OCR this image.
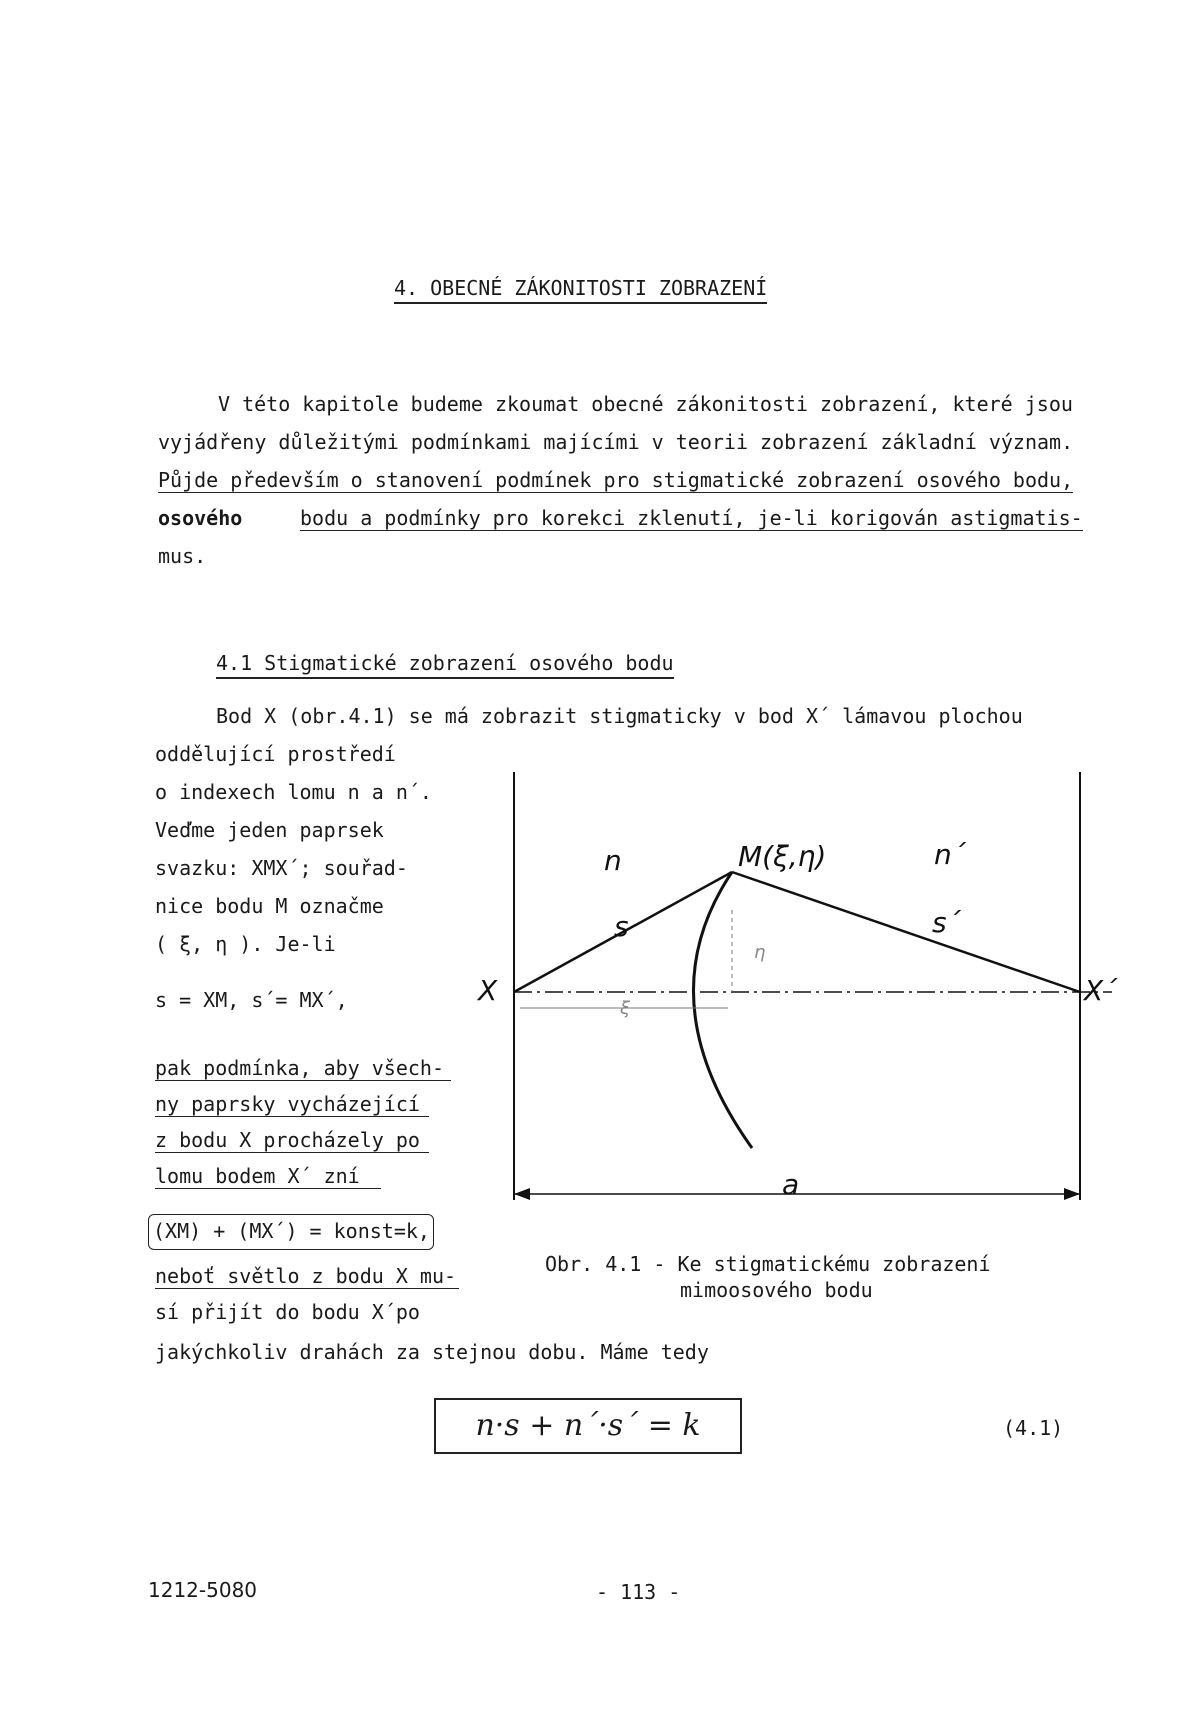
4. OBECNÉ ZÁKONITOSTI ZOBRAZENÍ
V této kapitole budeme zkoumat obecné zákonitosti zobrazení, které jsou
vyjádřeny důležitými podmínkami majícími v teorii zobrazení základní význam.
Půjde především o stanovení podmínek pro stigmatické zobrazení osového bodu,
osového	bodu a podmínky pro korekci zklenutí, je-li korigován astigmatis-
mus.
4.1 Stigmatické zobrazení osového bodu
Bod X (obr.4.1) se má zobrazit stigmaticky v bod X´ lámavou plochou
oddělující prostředí
o indexech lomu n a n´.
Veďme jeden paprsek
svazku: XMX´; souřad-
nice bodu M označme
( ξ, η ). Je-li
s = XM, s´= MX´,
pak podmínka, aby všech-
ny paprsky vycházející
z bodu X procházely po
lomu bodem X´ zní
(XM) + (MX´) = konst=k,
neboť světlo z bodu X mu-
sí přijít do bodu X´po
jakýchkoliv drahách za stejnou dobu. Máme tedy
X	X´
M(ξ,η)
n	n´
s	s´
a
η
ξ
Obr. 4.1 - Ke stigmatickému zobrazení
mimoosového bodu
n·s + n´·s´ = k	(4.1)
1212-5080	- 113 -
